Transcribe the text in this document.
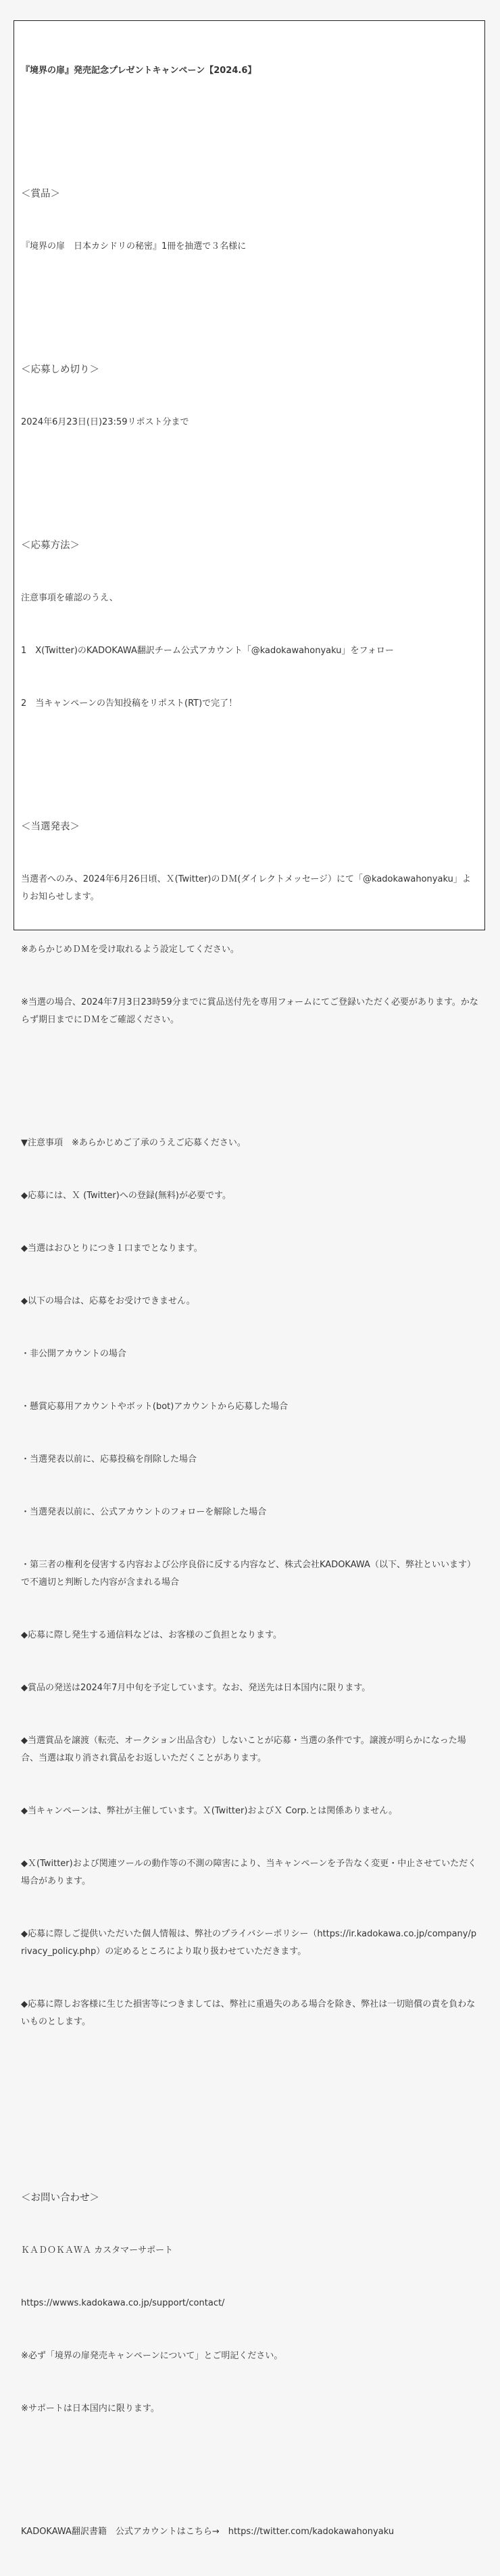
『境界の扉』発売記念プレゼントキャンペーン【2024.6】

＜賞品＞

『境界の扉　日本カシドリの秘密』1冊を抽選で３名様に

＜応募しめ切り＞

2024年6月23日(日)23:59リポスト分まで

＜応募方法＞

注意事項を確認のうえ、

1　X(Twitter)のKADOKAWA翻訳チーム公式アカウント「@kadokawahonyaku」をフォロー

2　当キャンペーンの告知投稿をリポスト(RT)で完了！

＜当選発表＞

当選者へのみ、2024年6月26日頃、Ｘ(Twitter)のＤＭ(ダイレクトメッセージ）にて「@kadokawahonyaku」よりお知らせします。

※あらかじめＤＭを受け取れるよう設定してください。

※当選の場合、2024年7月3日23時59分までに賞品送付先を専用フォームにてご登録いただく必要があります。かならず期日までにＤＭをご確認ください。

▼注意事項　※あらかじめご了承のうえご応募ください。

◆応募には、Ｘ (Twitter)への登録(無料)が必要です。

◆当選はおひとりにつき１口までとなります。

◆以下の場合は、応募をお受けできません。

・非公開アカウントの場合

・懸賞応募用アカウントやボット(bot)アカウントから応募した場合

・当選発表以前に、応募投稿を削除した場合

・当選発表以前に、公式アカウントのフォローを解除した場合

・第三者の権利を侵害する内容および公序良俗に反する内容など、株式会社KADOKAWA（以下、弊社といいます）で不適切と判断した内容が含まれる場合

◆応募に際し発生する通信料などは、お客様のご負担となります。

◆賞品の発送は2024年7月中旬を予定しています。なお、発送先は日本国内に限ります。

◆当選賞品を譲渡（転売、オークション出品含む）しないことが応募・当選の条件です。譲渡が明らかになった場合、当選は取り消され賞品をお返しいただくことがあります。

◆当キャンペーンは、弊社が主催しています。Ｘ(Twitter)およびＸ Corp.とは関係ありません。

◆Ｘ(Twitter)および関連ツールの動作等の不測の障害により、当キャンペーンを予告なく変更・中止させていただく場合があります。

◆応募に際しご提供いただいた個人情報は、弊社のプライバシーポリシー（https://ir.kadokawa.co.jp/company/privacy_policy.php）の定めるところにより取り扱わせていただきます。

◆応募に際しお客様に生じた損害等につきましては、弊社に重過失のある場合を除き、弊社は一切賠償の責を負わないものとします。

＜お問い合わせ＞

ＫＡＤＯＫＡＷＡ カスタマーサポート

https://wwws.kadokawa.co.jp/support/contact/

※必ず「境界の扉発売キャンペーンについて」とご明記ください。

※サポートは日本国内に限ります。

KADOKAWA翻訳書籍　公式アカウントはこちら→　https://twitter.com/kadokawahonyaku
